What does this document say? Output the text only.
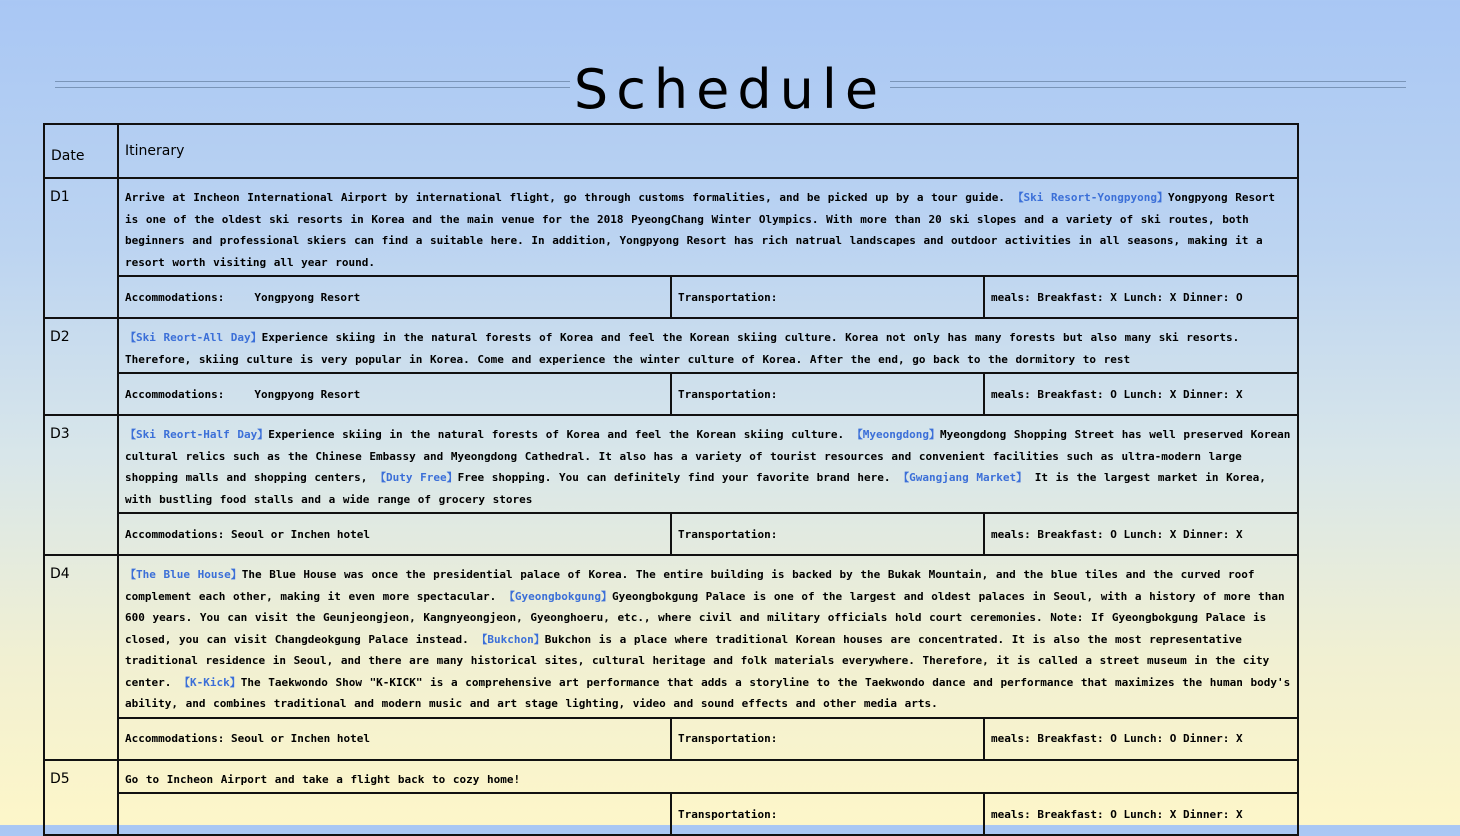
Schedule
Date	Itinerary		
D1	Arrive at Incheon International Airport by international flight, go through customs formalities, and be picked up by a tour guide. 【Ski Resort-Yongpyong】Yongpyong Resort is one of the oldest ski resorts in Korea and the main venue for the 2018 PyeongChang Winter Olympics. With more than 20 ski slopes and a variety of ski routes, both beginners and professional skiers can find a suitable here. In addition, Yongpyong Resort has rich natrual landscapes and outdoor activities in all seasons, making it a resort worth visiting all year round.		
	Accommodations: Yongpyong Resort	Transportation:	meals: Breakfast: X Lunch: X Dinner: O
D2	【Ski Reort-All Day】Experience skiing in the natural forests of Korea and feel the Korean skiing culture. Korea not only has many forests but also many ski resorts. Therefore, skiing culture is very popular in Korea. Come and experience the winter culture of Korea. After the end, go back to the dormitory to rest		
	Accommodations: Yongpyong Resort	Transportation:	meals: Breakfast: O Lunch: X Dinner: X
D3	【Ski Reort-Half Day】Experience skiing in the natural forests of Korea and feel the Korean skiing culture. 【Myeongdong】Myeongdong Shopping Street has well preserved Korean cultural relics such as the Chinese Embassy and Myeongdong Cathedral. It also has a variety of tourist resources and convenient facilities such as ultra-modern large shopping malls and shopping centers, 【Duty Free】Free shopping. You can definitely find your favorite brand here. 【Gwangjang Market】 It is the largest market in Korea, with bustling food stalls and a wide range of grocery stores		
	Accommodations: Seoul or Inchen hotel	Transportation:	meals: Breakfast: O Lunch: X Dinner: X
D4	【The Blue House】The Blue House was once the presidential palace of Korea. The entire building is backed by the Bukak Mountain, and the blue tiles and the curved roof complement each other, making it even more spectacular. 【Gyeongbokgung】Gyeongbokgung Palace is one of the largest and oldest palaces in Seoul, with a history of more than 600 years. You can visit the Geunjeongjeon, Kangnyeongjeon, Gyeonghoeru, etc., where civil and military officials hold court ceremonies. Note: If Gyeongbokgung Palace is closed, you can visit Changdeokgung Palace instead. 【Bukchon】Bukchon is a place where traditional Korean houses are concentrated. It is also the most representative traditional residence in Seoul, and there are many historical sites, cultural heritage and folk materials everywhere. Therefore, it is called a street museum in the city center. 【K-Kick】The Taekwondo Show "K-KICK" is a comprehensive art performance that adds a storyline to the Taekwondo dance and performance that maximizes the human body's ability, and combines traditional and modern music and art stage lighting, video and sound effects and other media arts.		
	Accommodations: Seoul or Inchen hotel	Transportation:	meals: Breakfast: O Lunch: O Dinner: X
D5	Go to Incheon Airport and take a flight back to cozy home!		
		Transportation:	meals: Breakfast: O Lunch: X Dinner: X
